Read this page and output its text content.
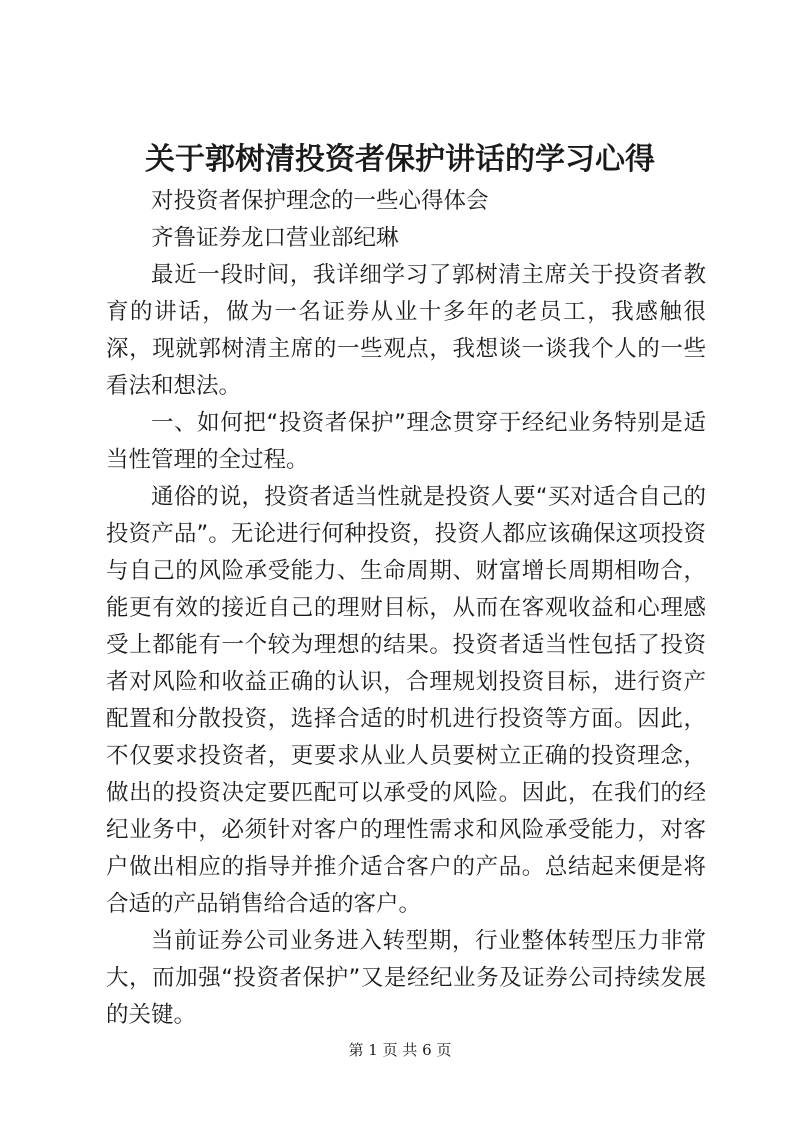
关于郭树清投资者保护讲话的学习心得

对投资者保护理念的一些心得体会

齐鲁证券龙口营业部纪琳

最近一段时间，我详细学习了郭树清主席关于投资者教育的讲话，做为一名证券从业十多年的老员工，我感触很深，现就郭树清主席的一些观点，我想谈一谈我个人的一些看法和想法。

一、如何把“投资者保护”理念贯穿于经纪业务特别是适当性管理的全过程。

通俗的说，投资者适当性就是投资人要“买对适合自己的投资产品”。无论进行何种投资，投资人都应该确保这项投资与自己的风险承受能力、生命周期、财富增长周期相吻合，能更有效的接近自己的理财目标，从而在客观收益和心理感受上都能有一个较为理想的结果。投资者适当性包括了投资者对风险和收益正确的认识，合理规划投资目标，进行资产配置和分散投资，选择合适的时机进行投资等方面。因此，不仅要求投资者，更要求从业人员要树立正确的投资理念，做出的投资决定要匹配可以承受的风险。因此，在我们的经纪业务中，必须针对客户的理性需求和风险承受能力，对客户做出相应的指导并推介适合客户的产品。总结起来便是将合适的产品销售给合适的客户。

当前证券公司业务进入转型期，行业整体转型压力非常大，而加强“投资者保护”又是经纪业务及证券公司持续发展的关键。

第 1 页 共 6 页
